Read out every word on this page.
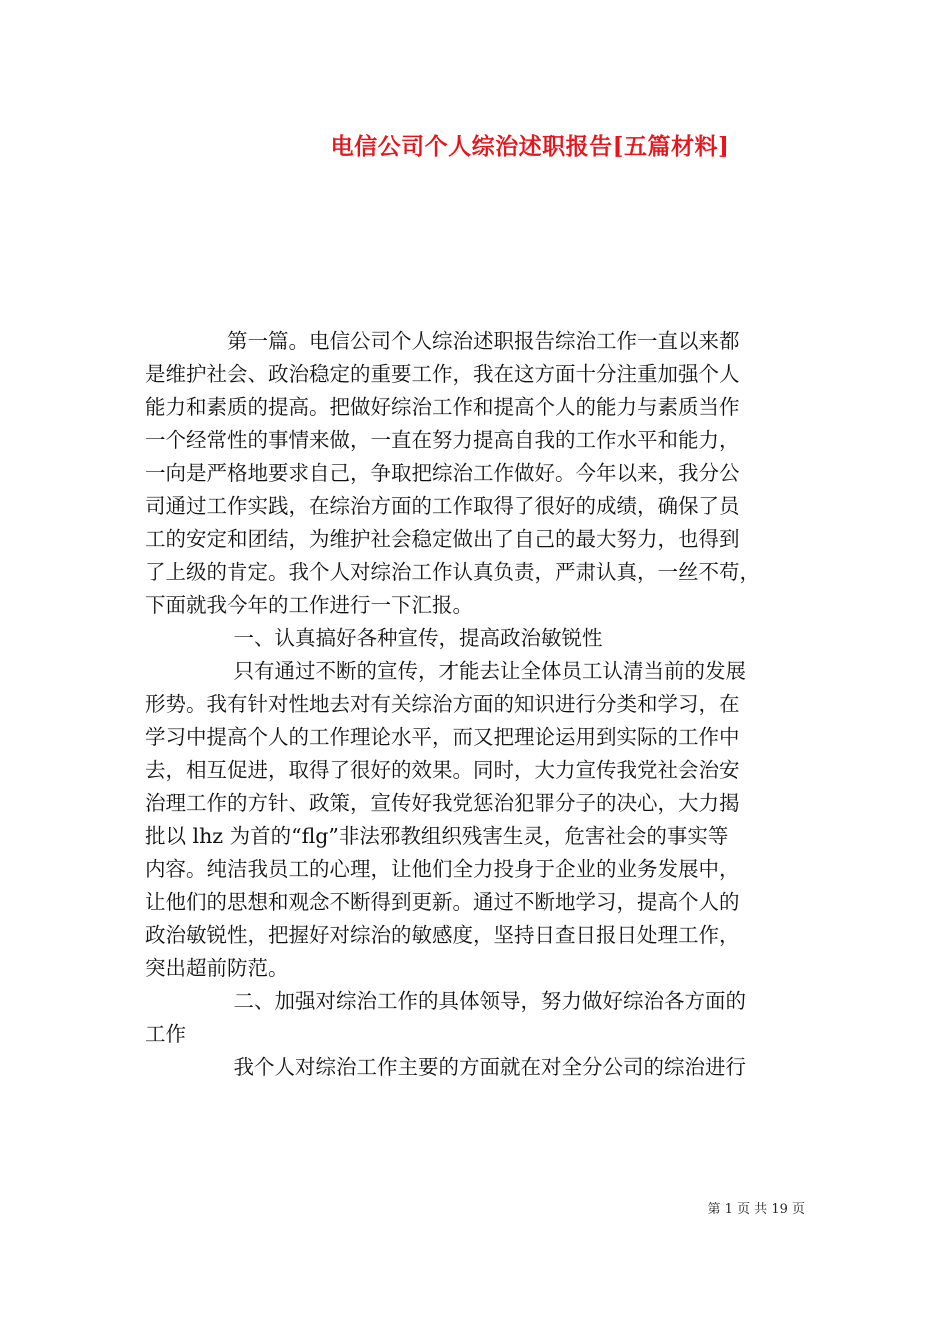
电信公司个人综治述职报告[五篇材料]
　　　　第一篇。电信公司个人综治述职报告综治工作一直以来都
是维护社会、政治稳定的重要工作，我在这方面十分注重加强个人
能力和素质的提高。把做好综治工作和提高个人的能力与素质当作
一个经常性的事情来做，一直在努力提高自我的工作水平和能力，
一向是严格地要求自己，争取把综治工作做好。今年以来，我分公
司通过工作实践，在综治方面的工作取得了很好的成绩，确保了员
工的安定和团结，为维护社会稳定做出了自己的最大努力，也得到
了上级的肯定。我个人对综治工作认真负责，严肃认真，一丝不苟，
下面就我今年的工作进行一下汇报。
　　　　 一、认真搞好各种宣传，提高政治敏锐性
　　　　 只有通过不断的宣传，才能去让全体员工认清当前的发展
形势。我有针对性地去对有关综治方面的知识进行分类和学习，在
学习中提高个人的工作理论水平，而又把理论运用到实际的工作中
去，相互促进，取得了很好的效果。同时，大力宣传我党社会治安
治理工作的方针、政策，宣传好我党惩治犯罪分子的决心，大力揭
批以 lhz 为首的“flg”非法邪教组织残害生灵，危害社会的事实等
内容。纯洁我员工的心理，让他们全力投身于企业的业务发展中，
让他们的思想和观念不断得到更新。通过不断地学习，提高个人的
政治敏锐性，把握好对综治的敏感度，坚持日查日报日处理工作，
突出超前防范。
　　　　 二、加强对综治工作的具体领导，努力做好综治各方面的
工作
　　　　 我个人对综治工作主要的方面就在对全分公司的综治进行
第 1 页 共 19 页
